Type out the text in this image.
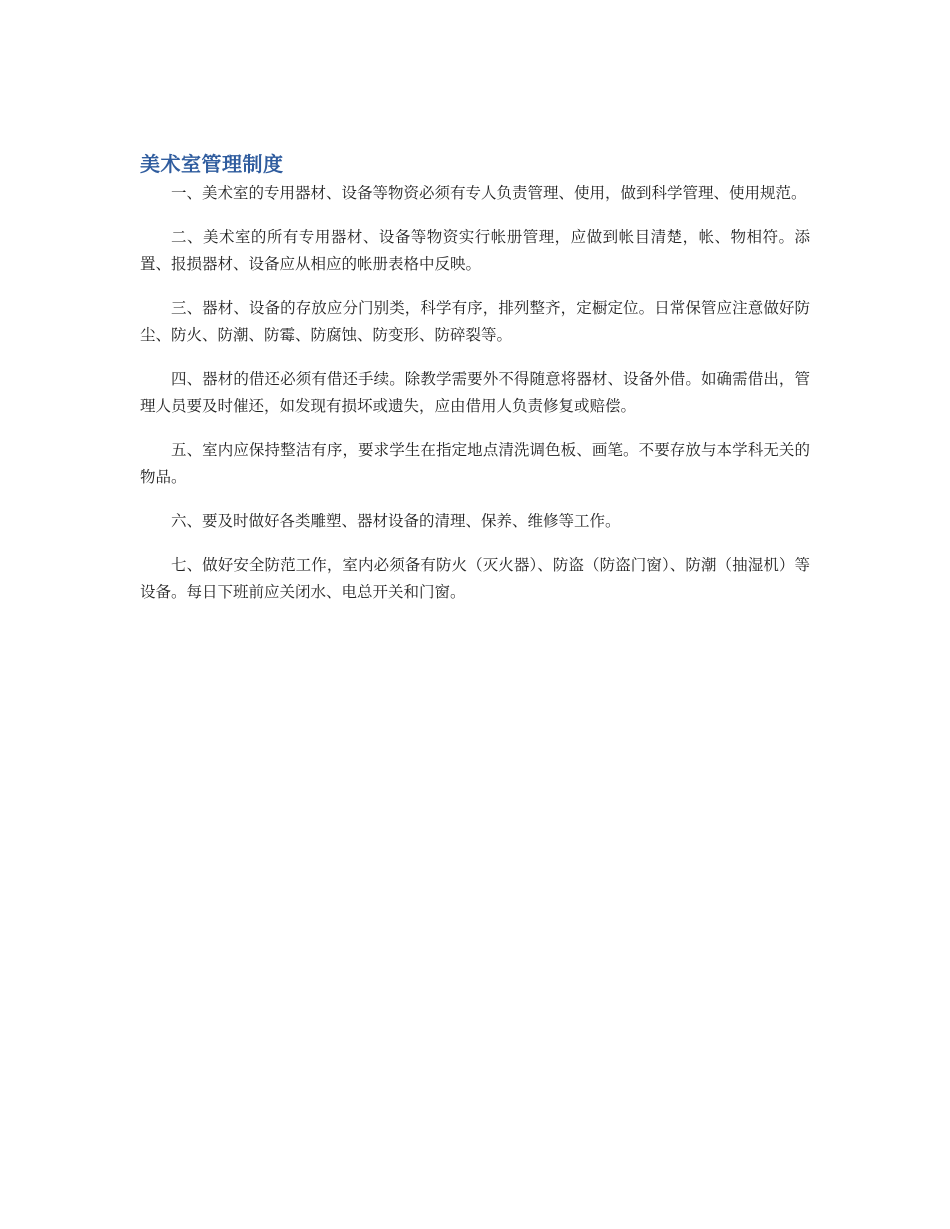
美术室管理制度

一、美术室的专用器材、设备等物资必须有专人负责管理、使用，做到科学管理、使用规范。

二、美术室的所有专用器材、设备等物资实行帐册管理，应做到帐目清楚，帐、物相符。添置、报损器材、设备应从相应的帐册表格中反映。

三、器材、设备的存放应分门别类，科学有序，排列整齐，定橱定位。日常保管应注意做好防尘、防火、防潮、防霉、防腐蚀、防变形、防碎裂等。

四、器材的借还必须有借还手续。除教学需要外不得随意将器材、设备外借。如确需借出，管理人员要及时催还，如发现有损坏或遗失，应由借用人负责修复或赔偿。

五、室内应保持整洁有序，要求学生在指定地点清洗调色板、画笔。不要存放与本学科无关的物品。

六、要及时做好各类雕塑、器材设备的清理、保养、维修等工作。

七、做好安全防范工作，室内必须备有防火（灭火器）、防盗（防盗门窗）、防潮（抽湿机）等设备。每日下班前应关闭水、电总开关和门窗。
